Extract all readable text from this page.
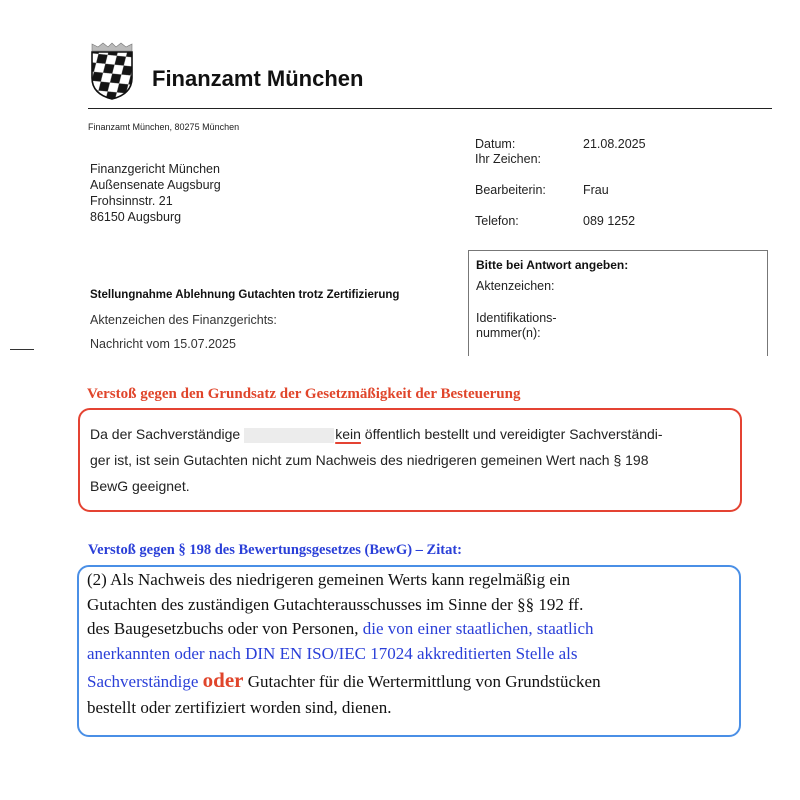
Finanzamt München
Finanzamt München, 80275 München
Finanzgericht München
Außensenate Augsburg
Frohsinnstr. 21
86150 Augsburg
Datum:	21.08.2025
Ihr Zeichen:
Bearbeiterin:	Frau
Telefon:	089 1252
Bitte bei Antwort angeben:
Aktenzeichen:
Identifikations-
nummer(n):
Stellungnahme Ablehnung Gutachten trotz Zertifizierung
Aktenzeichen des Finanzgerichts:
Nachricht vom 15.07.2025
Verstoß gegen den Grundsatz der Gesetzmäßigkeit der Besteuerung
Da der Sachverständige	kein öffentlich bestellt und vereidigter Sachverständi-
ger ist, ist sein Gutachten nicht zum Nachweis des niedrigeren gemeinen Wert nach § 198
BewG geeignet.
Verstoß gegen § 198 des Bewertungsgesetzes (BewG) – Zitat:
(2) Als Nachweis des niedrigeren gemeinen Werts kann regelmäßig ein
Gutachten des zuständigen Gutachterausschusses im Sinne der §§ 192 ff.
des Baugesetzbuchs oder von Personen, die von einer staatlichen, staatlich
anerkannten oder nach DIN EN ISO/IEC 17024 akkreditierten Stelle als
Sachverständige oder Gutachter für die Wertermittlung von Grundstücken
bestellt oder zertifiziert worden sind, dienen.
